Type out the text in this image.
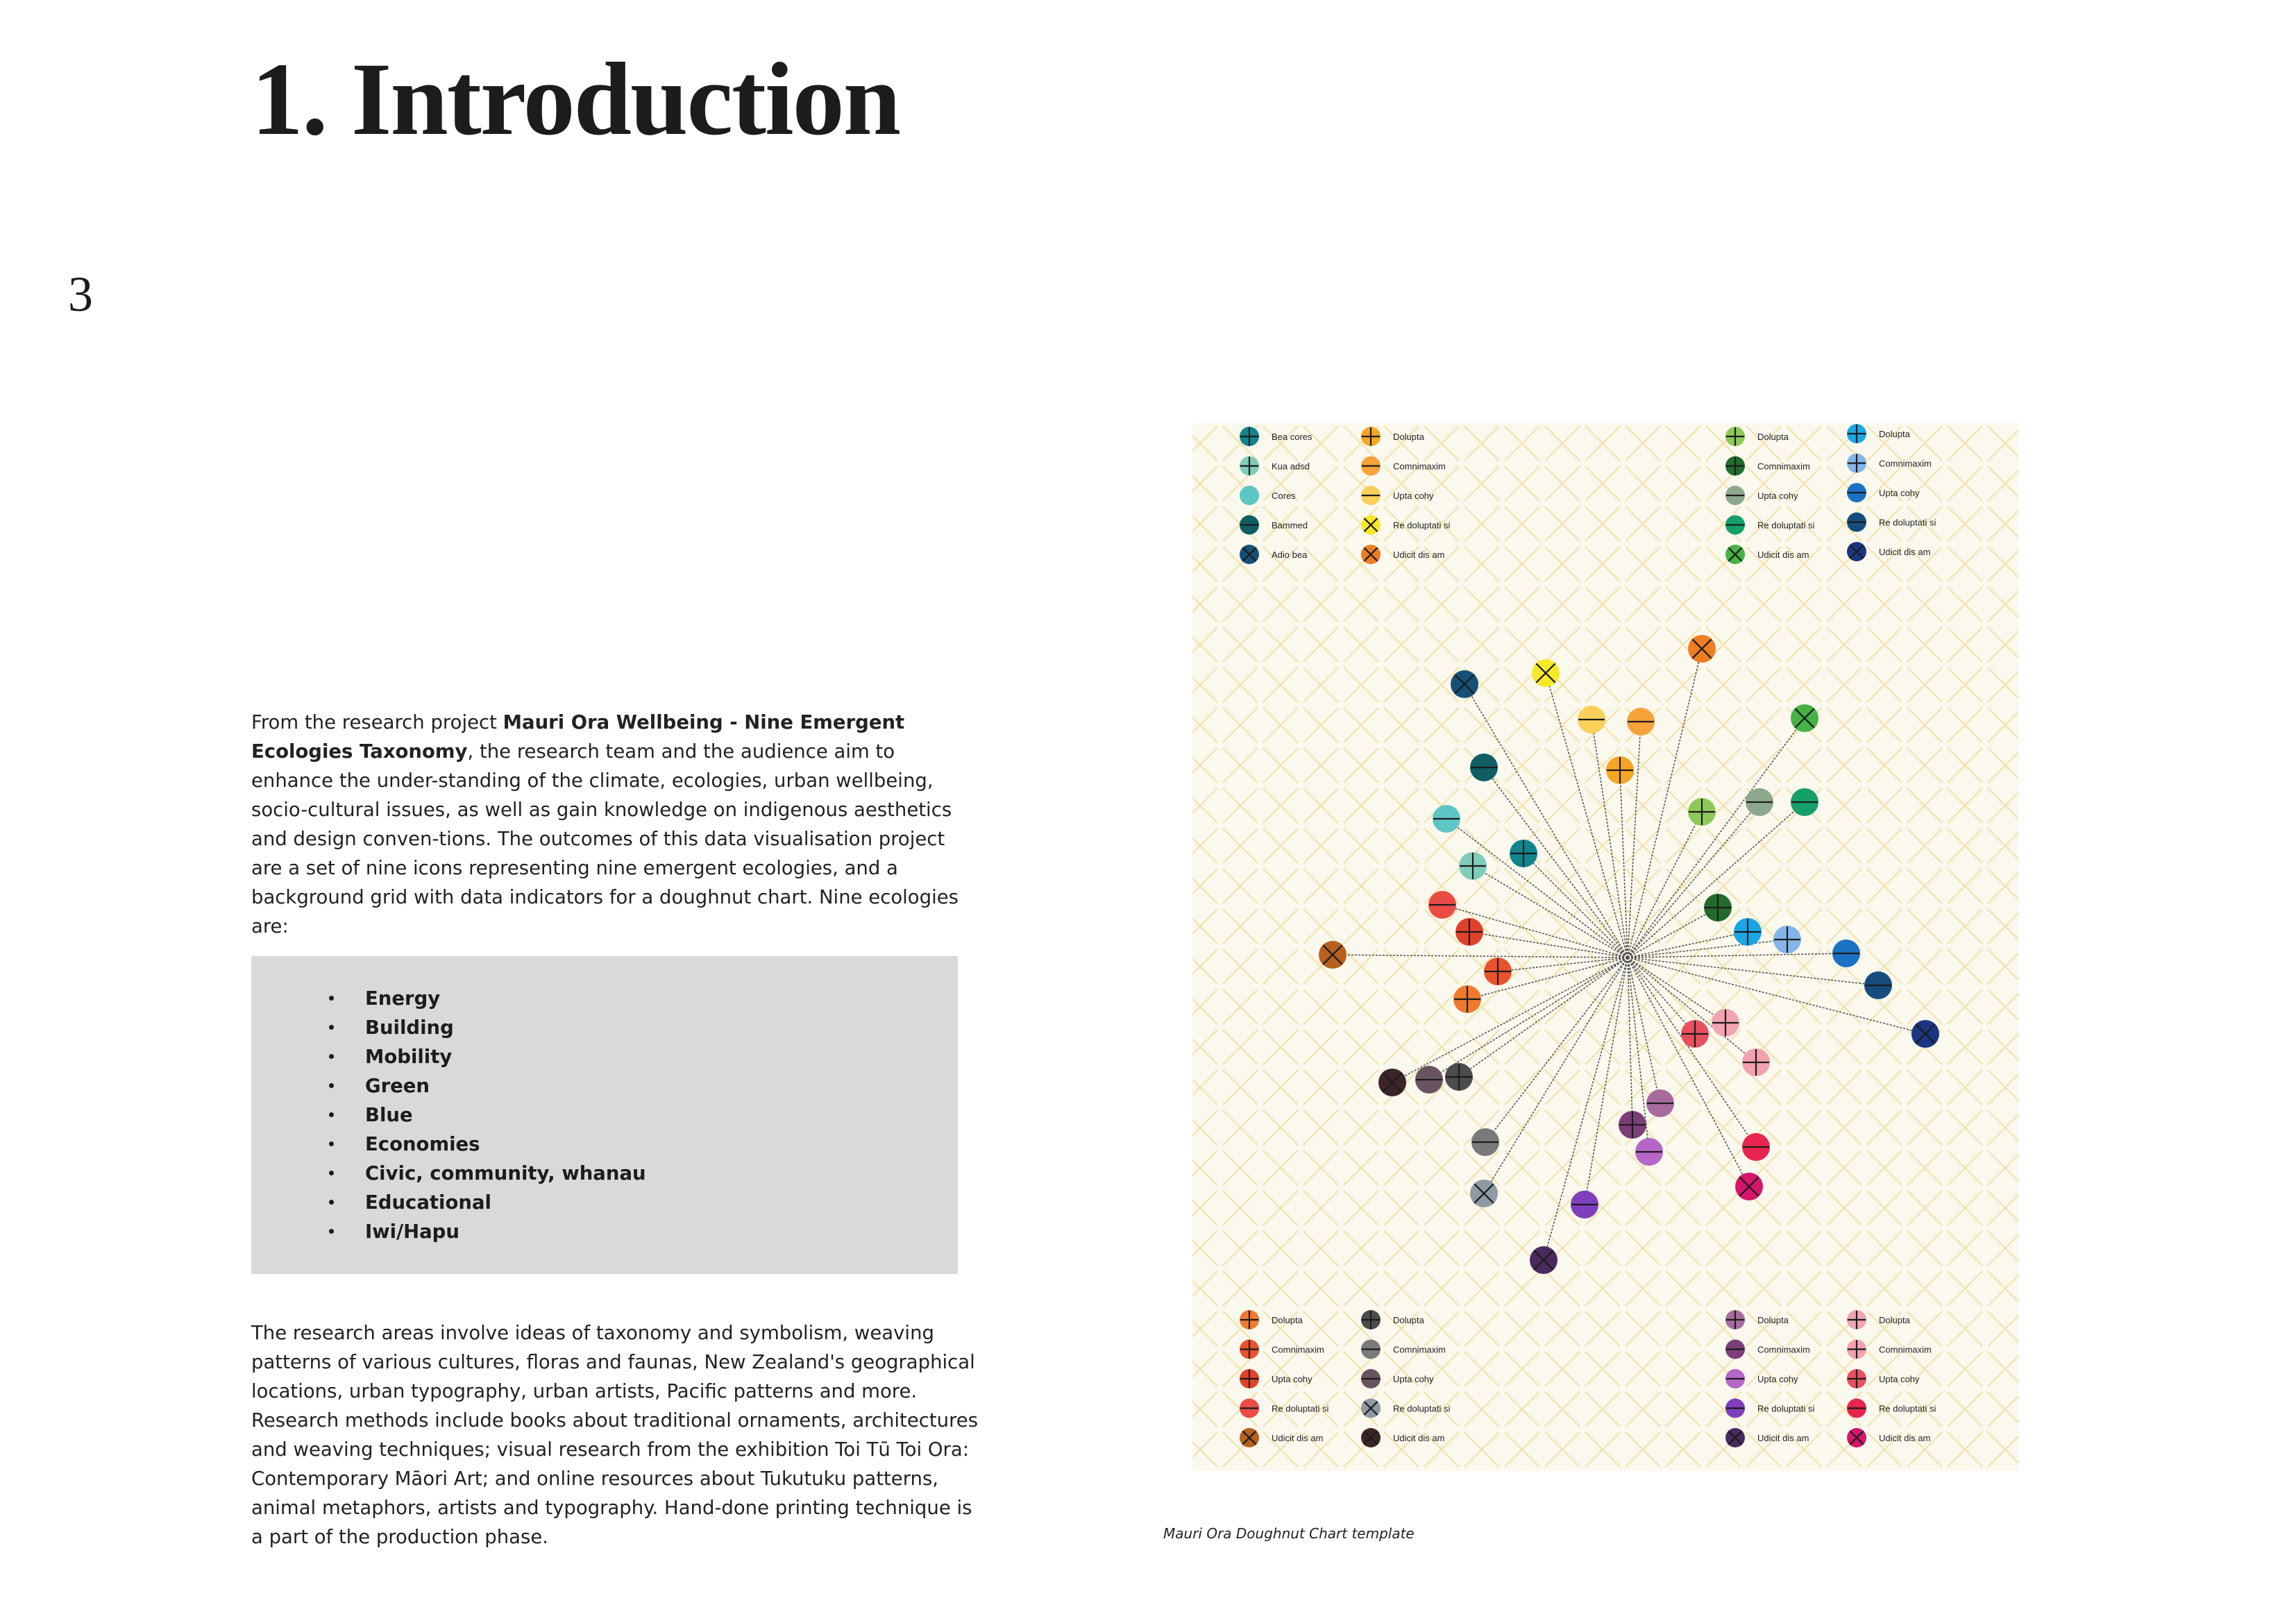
1. Introduction
3

From the research project Mauri Ora Wellbeing - Nine Emergent Ecologies Taxonomy, the research team and the audience aim to enhance the under-standing of the climate, ecologies, urban wellbeing, socio-cultural issues, as well as gain knowledge on indigenous aesthetics and design conven-tions. The outcomes of this data visualisation project are a set of nine icons representing nine emergent ecologies, and a background grid with data indicators for a doughnut chart. Nine ecologies are:

Energy
Building
Mobility
Green
Blue
Economies
Civic, community, whanau
Educational
Iwi/Hapu

The research areas involve ideas of taxonomy and symbolism, weaving patterns of various cultures, floras and faunas, New Zealand's geographical locations, urban typography, urban artists, Pacific patterns and more. Research methods include books about traditional ornaments, architectures and weaving techniques; visual research from the exhibition Toi Tū Toi Ora: Contemporary Māori Art; and online resources about Tukutuku patterns, animal metaphors, artists and typography. Hand-done printing technique is a part of the production phase.

Bea cores
Kua adsd
Cores
Bammed
Adio bea
Dolupta
Comnimaxim
Upta cohy
Re doluptati si
Udicit dis am
Dolupta
Comnimaxim
Upta cohy
Re doluptati si
Udicit dis am
Dolupta
Comnimaxim
Upta cohy
Re doluptati si
Udicit dis am
Dolupta
Comnimaxim
Upta cohy
Re doluptati si
Udicit dis am
Dolupta
Comnimaxim
Upta cohy
Re doluptati si
Udicit dis am
Dolupta
Comnimaxim
Upta cohy
Re doluptati si
Udicit dis am
Dolupta
Comnimaxim
Upta cohy
Re doluptati si
Udicit dis am
Mauri Ora Doughnut Chart template
